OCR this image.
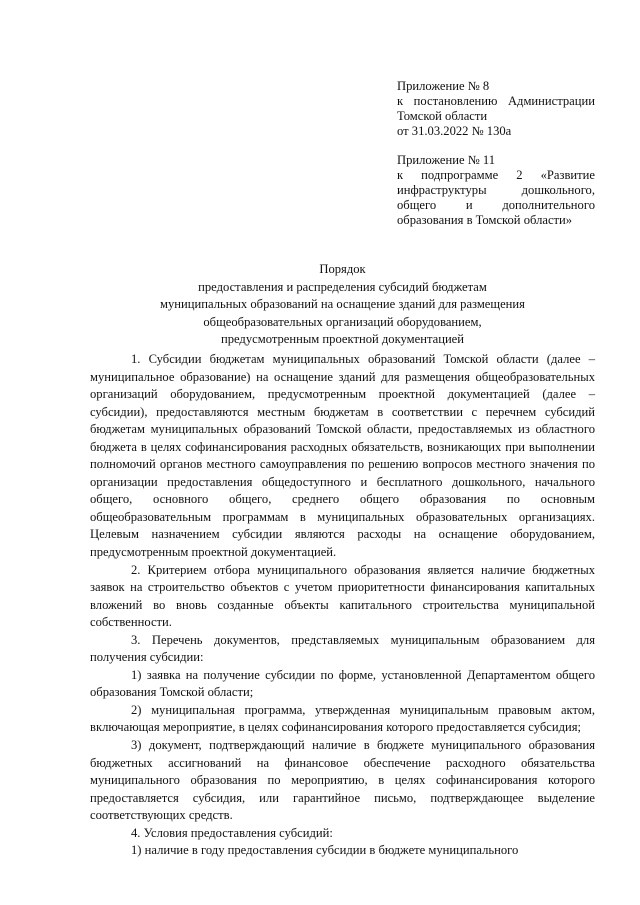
Приложение № 8
к постановлению Администрации
Томской области
от 31.03.2022 № 130а
Приложение № 11
к подпрограмме 2 «Развитие
инфраструктуры дошкольного,
общего и дополнительного
образования в Томской области»
Порядок
предоставления и распределения субсидий бюджетам
муниципальных образований на оснащение зданий для размещения
общеобразовательных организаций оборудованием,
предусмотренным проектной документацией

1. Субсидии бюджетам муниципальных образований Томской области (далее – муниципальное образование) на оснащение зданий для размещения общеобразовательных организаций оборудованием, предусмотренным проектной документацией (далее – субсидии), предоставляются местным бюджетам в соответствии с перечнем субсидий бюджетам муниципальных образований Томской области, предоставляемых из областного бюджета в целях софинансирования расходных обязательств, возникающих при выполнении полномочий органов местного самоуправления по решению вопросов местного значения по организации предоставления общедоступного и бесплатного дошкольного, начального общего, основного общего, среднего общего образования по основным общеобразовательным программам в муниципальных образовательных организациях. Целевым назначением субсидии являются расходы на оснащение оборудованием, предусмотренным проектной документацией.

2. Критерием отбора муниципального образования является наличие бюджетных заявок на строительство объектов с учетом приоритетности финансирования капитальных вложений во вновь созданные объекты капитального строительства муниципальной собственности.

3. Перечень документов, представляемых муниципальным образованием для получения субсидии:

1) заявка на получение субсидии по форме, установленной Департаментом общего образования Томской области;

2) муниципальная программа, утвержденная муниципальным правовым актом, включающая мероприятие, в целях софинансирования которого предоставляется субсидия;

3) документ, подтверждающий наличие в бюджете муниципального образования бюджетных ассигнований на финансовое обеспечение расходного обязательства муниципального образования по мероприятию, в целях софинансирования которого предоставляется субсидия, или гарантийное письмо, подтверждающее выделение соответствующих средств.

4. Условия предоставления субсидий:

1) наличие в году предоставления субсидии в бюджете муниципального
